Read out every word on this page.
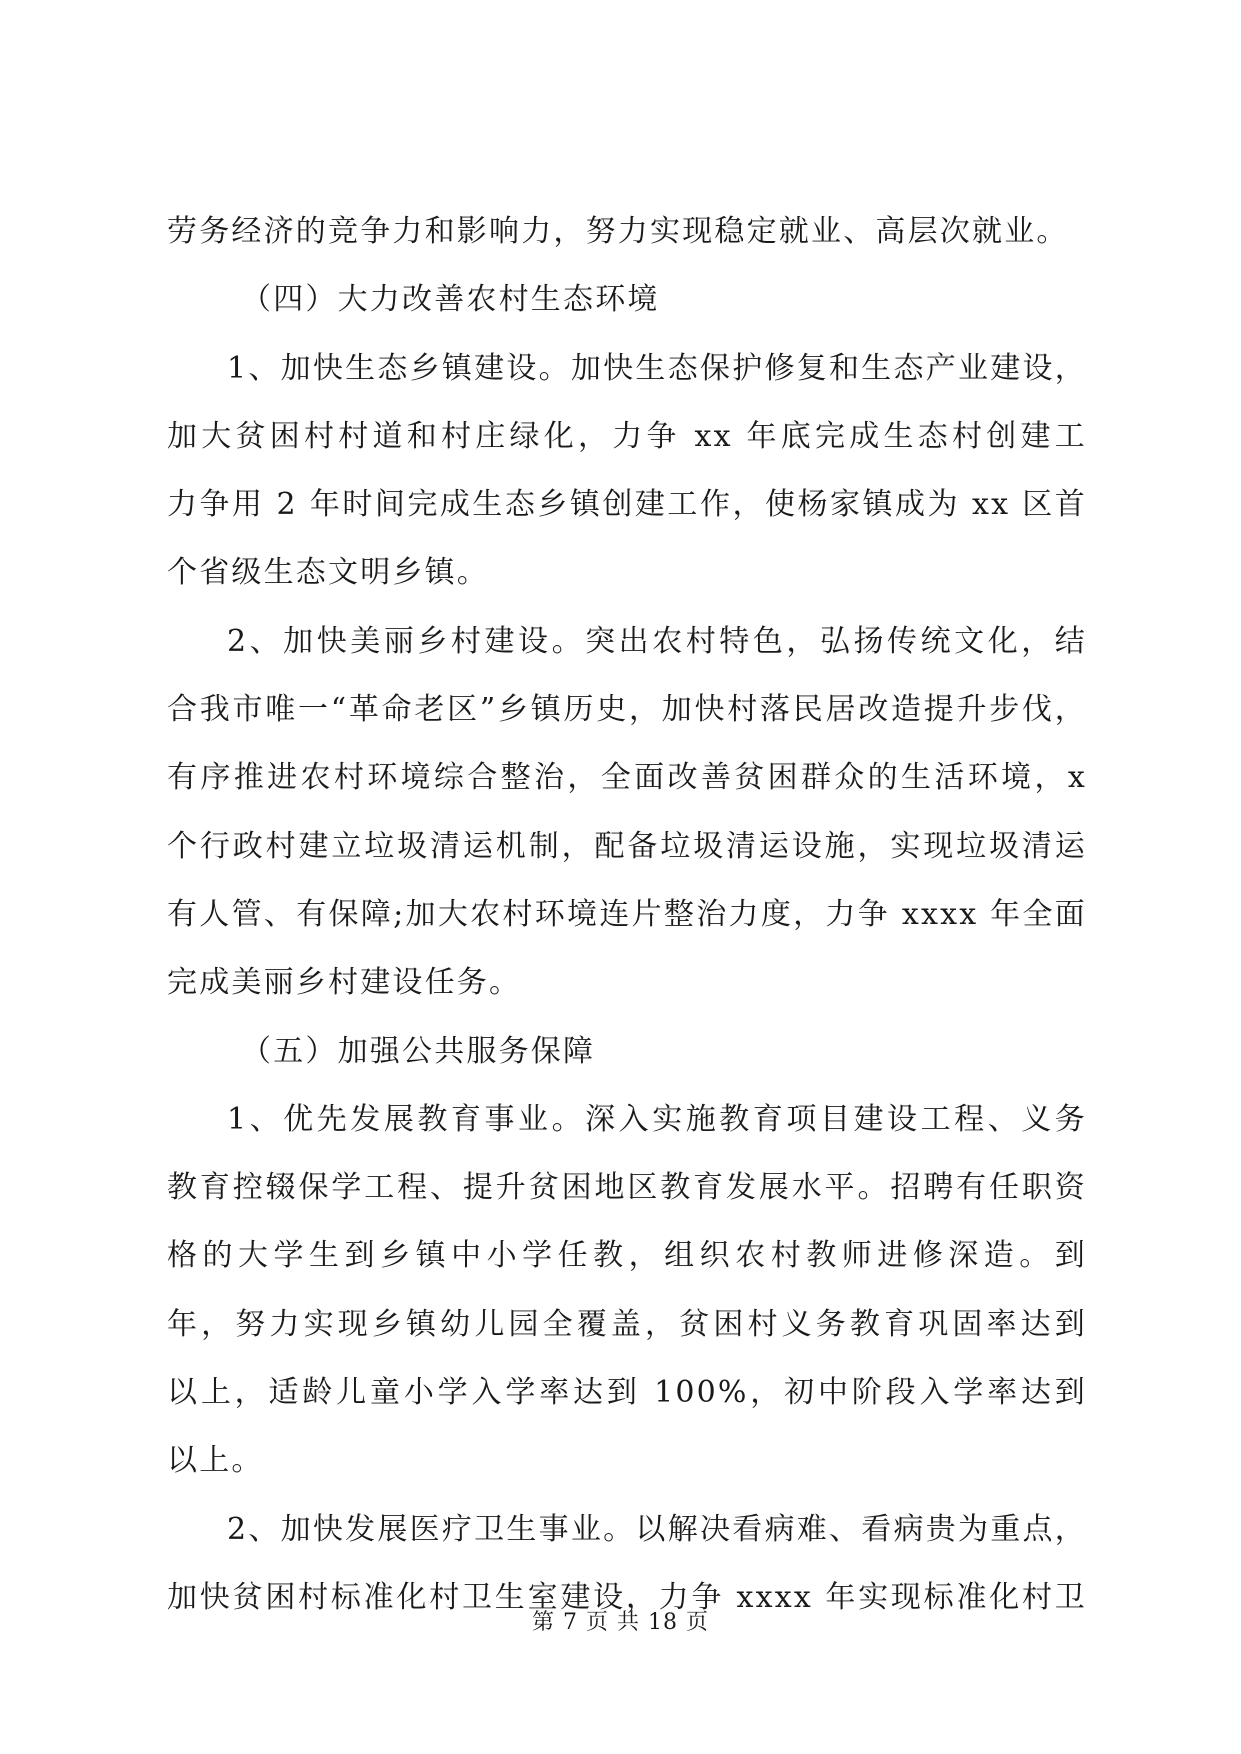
劳务经济的竞争力和影响力，努力实现稳定就业、高层次就业。
（四）大力改善农村生态环境
1、加快生态乡镇建设。加快生态保护修复和生态产业建设，
加大贫困村村道和村庄绿化，力争 xx 年底完成生态村创建工
力争用 2 年时间完成生态乡镇创建工作，使杨家镇成为 xx 区首
个省级生态文明乡镇。
2、加快美丽乡村建设。突出农村特色，弘扬传统文化，结
合我市唯一“革命老区”乡镇历史，加快村落民居改造提升步伐，
有序推进农村环境综合整治，全面改善贫困群众的生活环境，x
个行政村建立垃圾清运机制，配备垃圾清运设施，实现垃圾清运
有人管、有保障;加大农村环境连片整治力度，力争 xxxx 年全面
完成美丽乡村建设任务。
（五）加强公共服务保障
1、优先发展教育事业。深入实施教育项目建设工程、义务
教育控辍保学工程、提升贫困地区教育发展水平。招聘有任职资
格的大学生到乡镇中小学任教，组织农村教师进修深造。到
年，努力实现乡镇幼儿园全覆盖，贫困村义务教育巩固率达到
以上，适龄儿童小学入学率达到 100%，初中阶段入学率达到
以上。
2、加快发展医疗卫生事业。以解决看病难、看病贵为重点，
加快贫困村标准化村卫生室建设，力争 xxxx 年实现标准化村卫
第 7 页 共 18 页
